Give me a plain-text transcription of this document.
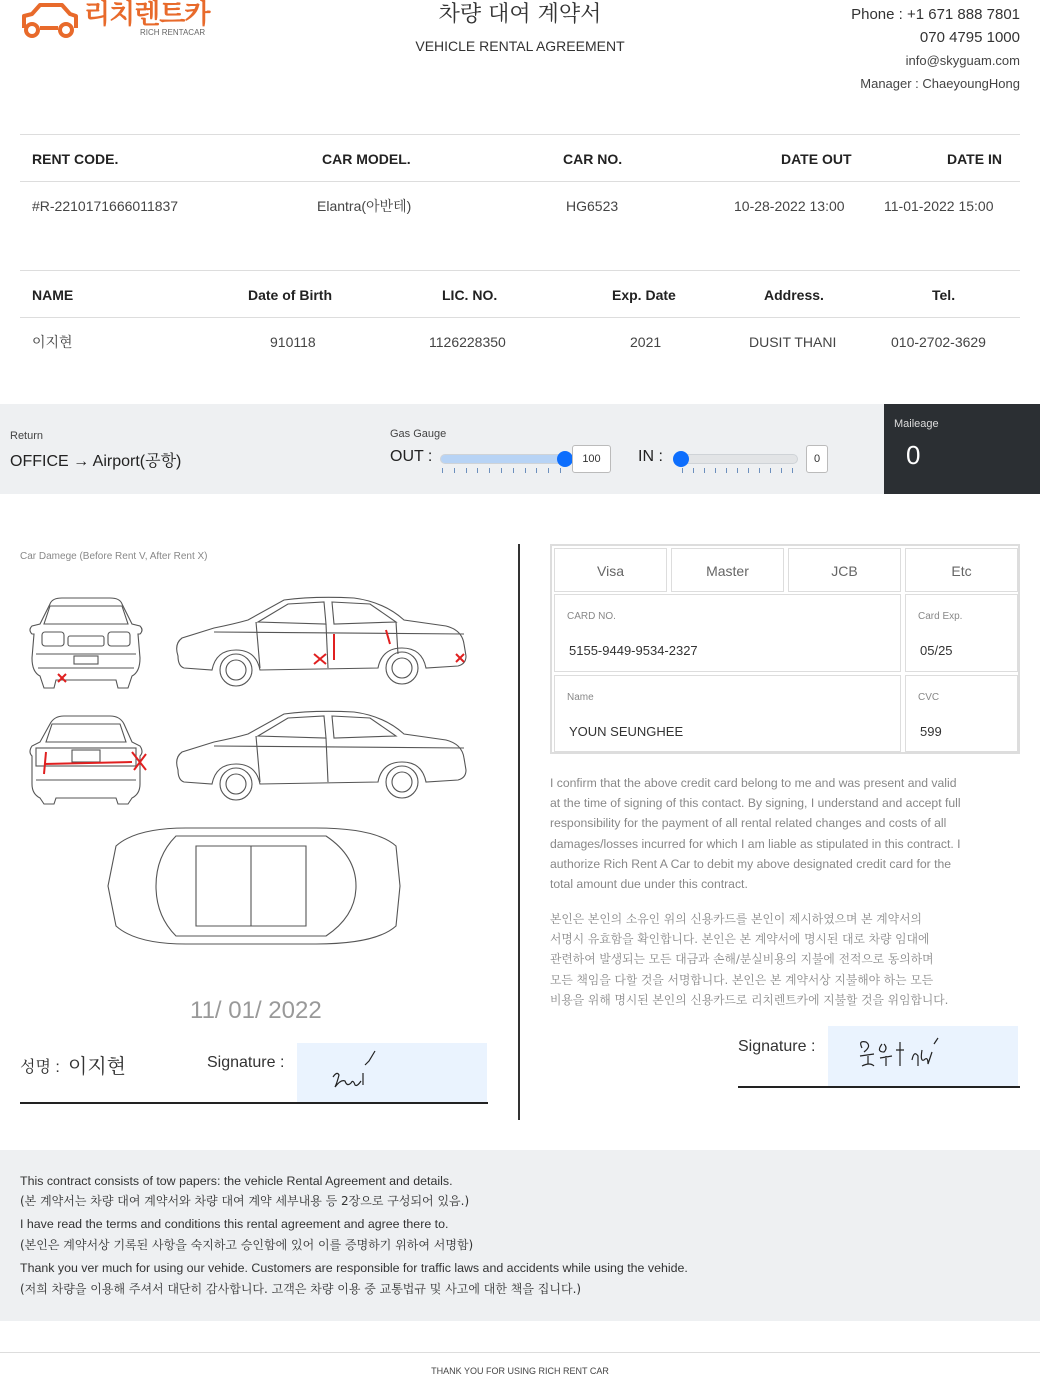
리치렌트카
RICH RENTACAR
차량 대여 계약서
VEHICLE RENTAL AGREEMENT
Phone : +1 671 888 7801
070 4795 1000
info@skyguam.com
Manager : ChaeyoungHong
RENT CODE.	CAR MODEL.	CAR NO.	DATE OUT	DATE IN
#R-2210171666011837	Elantra(아반테)	HG6523	10-28-2022 13:00	11-01-2022 15:00
NAME	Date of Birth	LIC. NO.	Exp. Date	Address.	Tel.
이지현	910118	1126228350	2021	DUSIT THANI	010-2702-3629
Return
OFFICE → Airport(공항)
Gas Gauge
OUT :	100	IN :	0
Maileage
0
Car Damege (Before Rent V, After Rent X)
11/ 01/ 2022
성명 : 이지현	Signature :
Visa	Master	JCB	Etc
CARD NO.
5155-9449-9534-2327
Card Exp.
05/25
Name
YOUN SEUNGHEE
CVC
599
I confirm that the above credit card belong to me and was present and valid
at the time of signing of this contact. By signing, I understand and accept full
responsibility for the payment of all rental related changes and costs of all
damages/losses incurred for which I am liable as stipulated in this contract. I
authorize Rich Rent A Car to debit my above designated credit card for the
total amount due under this contract.
본인은 본인의 소유인 위의 신용카드를 본인이 제시하였으며 본 계약서의
서명시 유효함을 확인합니다. 본인은 본 계약서에 명시된 대로 차량 임대에
관련하여 발생되는 모든 대금과 손해/분실비용의 지불에 전적으로 동의하며
모든 책임을 다할 것을 서명합니다. 본인은 본 계약서상 지불해야 하는 모든
비용을 위해 명시된 본인의 신용카드로 리치렌트카에 지불할 것을 위임합니다.
Signature :

This contract consists of tow papers: the vehicle Rental Agreement and details.

(본 계약서는 차량 대여 계약서와 차량 대여 계약 세부내용 등 2장으로 구성되어 있음.)

I have read the terms and conditions this rental agreement and agree there to.

(본인은 계약서상 기록된 사항을 숙지하고 승인함에 있어 이를 증명하기 위하여 서명함)

Thank you ver much for using our vehide. Customers are responsible for traffic laws and accidents while using the vehide.

(저희 차량을 이용해 주셔서 대단히 감사합니다. 고객은 차량 이용 중 교통법규 및 사고에 대한 책을 집니다.)

THANK YOU FOR USING RICH RENT CAR
